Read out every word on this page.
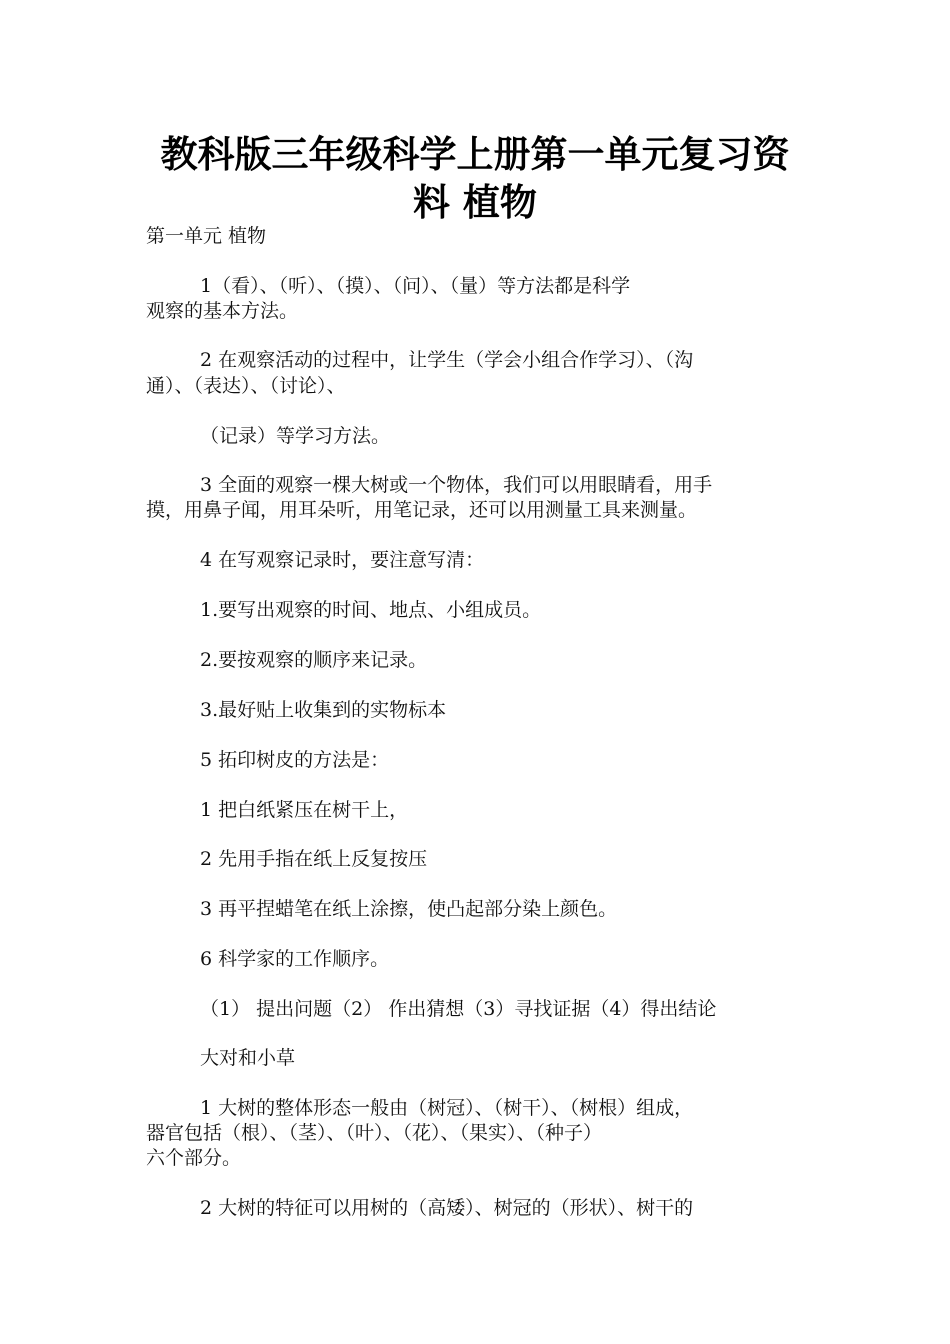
教科版三年级科学上册第一单元复习资
料 植物
第一单元 植物
1（看）、（听）、（摸）、（问）、（量）等方法都是科学
观察的基本方法。
2 在观察活动的过程中，让学生（学会小组合作学习）、（沟
通）、（表达）、（讨论）、
（记录）等学习方法。
3 全面的观察一棵大树或一个物体，我们可以用眼睛看，用手
摸，用鼻子闻，用耳朵听，用笔记录，还可以用测量工具来测量。
4 在写观察记录时，要注意写清：
1.要写出观察的时间、地点、小组成员。
2.要按观察的顺序来记录。
3.最好贴上收集到的实物标本
5 拓印树皮的方法是：
1 把白纸紧压在树干上，
2 先用手指在纸上反复按压
3 再平捏蜡笔在纸上涂擦，使凸起部分染上颜色。
6 科学家的工作顺序。
（1） 提出问题（2） 作出猜想（3）寻找证据（4）得出结论
大对和小草
1 大树的整体形态一般由（树冠）、（树干）、（树根）组成，
器官包括（根）、（茎）、（叶）、（花）、（果实）、（种子）
六个部分。
2 大树的特征可以用树的（高矮）、树冠的（形状）、树干的
